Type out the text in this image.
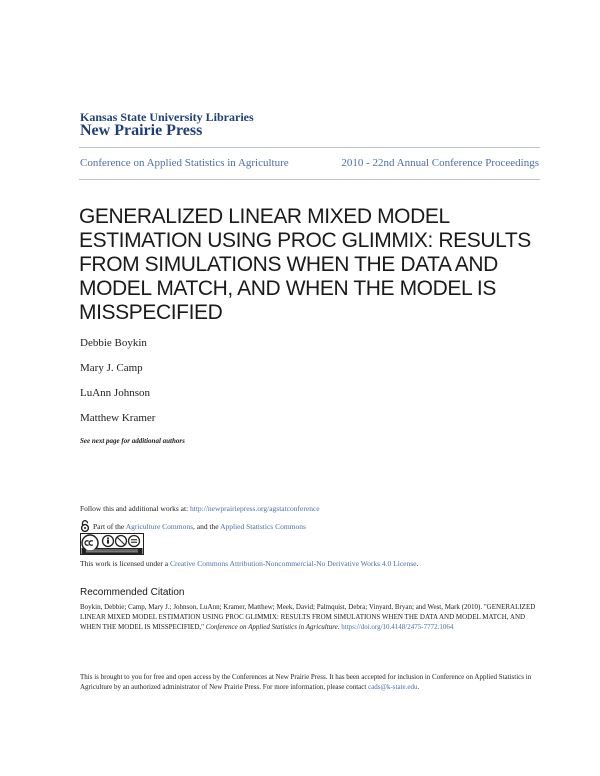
Kansas State University Libraries
New Prairie Press
Conference on Applied Statistics in Agriculture	2010 - 22nd Annual Conference Proceedings
GENERALIZED LINEAR MIXED MODEL ESTIMATION USING PROC GLIMMIX: RESULTS FROM SIMULATIONS WHEN THE DATA AND MODEL MATCH, AND WHEN THE MODEL IS MISSPECIFIED
Debbie Boykin
Mary J. Camp
LuAnn Johnson
Matthew Kramer
See next page for additional authors
Follow this and additional works at: http://newprairiepress.org/agstatconference
Part of the Agriculture Commons, and the Applied Statistics Commons
This work is licensed under a Creative Commons Attribution-Noncommercial-No Derivative Works 4.0 License.
Recommended Citation
Boykin, Debbie; Camp, Mary J.; Johnson, LuAnn; Kramer, Matthew; Meek, David; Palmquist, Debra; Vinyard, Bryan; and West, Mark (2010). "GENERALIZED LINEAR MIXED MODEL ESTIMATION USING PROC GLIMMIX: RESULTS FROM SIMULATIONS WHEN THE DATA AND MODEL MATCH, AND WHEN THE MODEL IS MISSPECIFIED," Conference on Applied Statistics in Agriculture. https://doi.org/10.4148/2475-7772.1064
This is brought to you for free and open access by the Conferences at New Prairie Press. It has been accepted for inclusion in Conference on Applied Statistics in Agriculture by an authorized administrator of New Prairie Press. For more information, please contact cads@k-state.edu.
